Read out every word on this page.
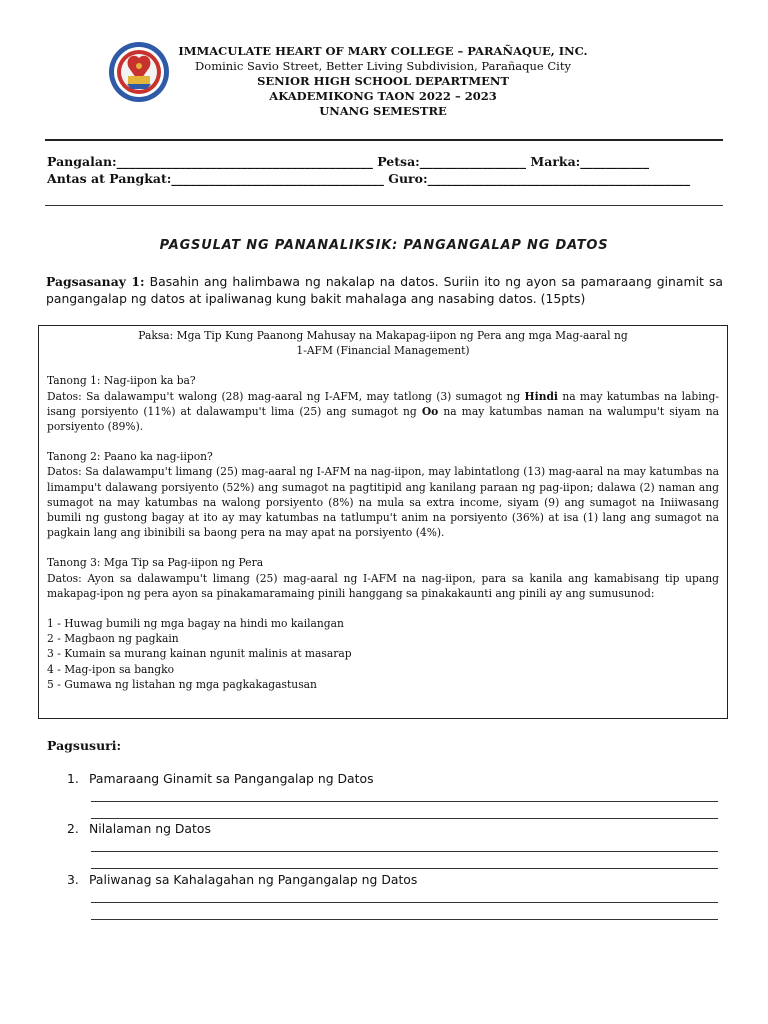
IMMACULATE HEART OF MARY COLLEGE – PARAÑAQUE, INC.
Dominic Savio Street, Better Living Subdivision, Parañaque City
SENIOR HIGH SCHOOL DEPARTMENT
AKADEMIKONG TAON 2022 – 2023
UNANG SEMESTRE
Pangalan:_________________________________________ Petsa:_________________ Marka:___________
Antas at Pangkat:__________________________________ Guro:__________________________________________
PAGSULAT NG PANANALIKSIK: PANGANGALAP NG DATOS
Pagsasanay 1: Basahin ang halimbawa ng nakalap na datos. Suriin ito ng ayon sa pamaraang ginamit sa pangangalap ng datos at ipaliwanag kung bakit mahalaga ang nasabing datos. (15pts)
Paksa: Mga Tip Kung Paanong Mahusay na Makapag-iipon ng Pera ang mga Mag-aaral ng
1-AFM (Financial Management)
Tanong 1: Nag-iipon ka ba?
Datos: Sa dalawampu't walong (28) mag-aaral ng I-AFM, may tatlong (3) sumagot ng Hindi na may katumbas na labing-isang porsiyento (11%) at dalawampu't lima (25) ang sumagot ng Oo na may katumbas naman na walumpu't siyam na porsiyento (89%).
Tanong 2: Paano ka nag-iipon?
Datos: Sa dalawampu't limang (25) mag-aaral ng I-AFM na nag-iipon, may labintatlong (13) mag-aaral na may katumbas na limampu't dalawang porsiyento (52%) ang sumagot na pagtitipid ang kanilang paraan ng pag-iipon; dalawa (2) naman ang sumagot na may katumbas na walong porsiyento (8%) na mula sa extra income, siyam (9) ang sumagot na Iniiwasang bumili ng gustong bagay at ito ay may katumbas na tatlumpu't anim na porsiyento (36%) at isa (1) lang ang sumagot na pagkain lang ang ibinibili sa baong pera na may apat na porsiyento (4%).
Tanong 3: Mga Tip sa Pag-iipon ng Pera
Datos: Ayon sa dalawampu't limang (25) mag-aaral ng I-AFM na nag-iipon, para sa kanila ang kamabisang tip upang makapag-ipon ng pera ayon sa pinakamaramaing pinili hanggang sa pinakakaunti ang pinili ay ang sumusunod:
1 - Huwag bumili ng mga bagay na hindi mo kailangan
2 - Magbaon ng pagkain
3 - Kumain sa murang kainan ngunit malinis at masarap
4 - Mag-ipon sa bangko
5 - Gumawa ng listahan ng mga pagkakagastusan
Pagsusuri:
1. Pamaraang Ginamit sa Pangangalap ng Datos
2. Nilalaman ng Datos
3. Paliwanag sa Kahalagahan ng Pangangalap ng Datos
